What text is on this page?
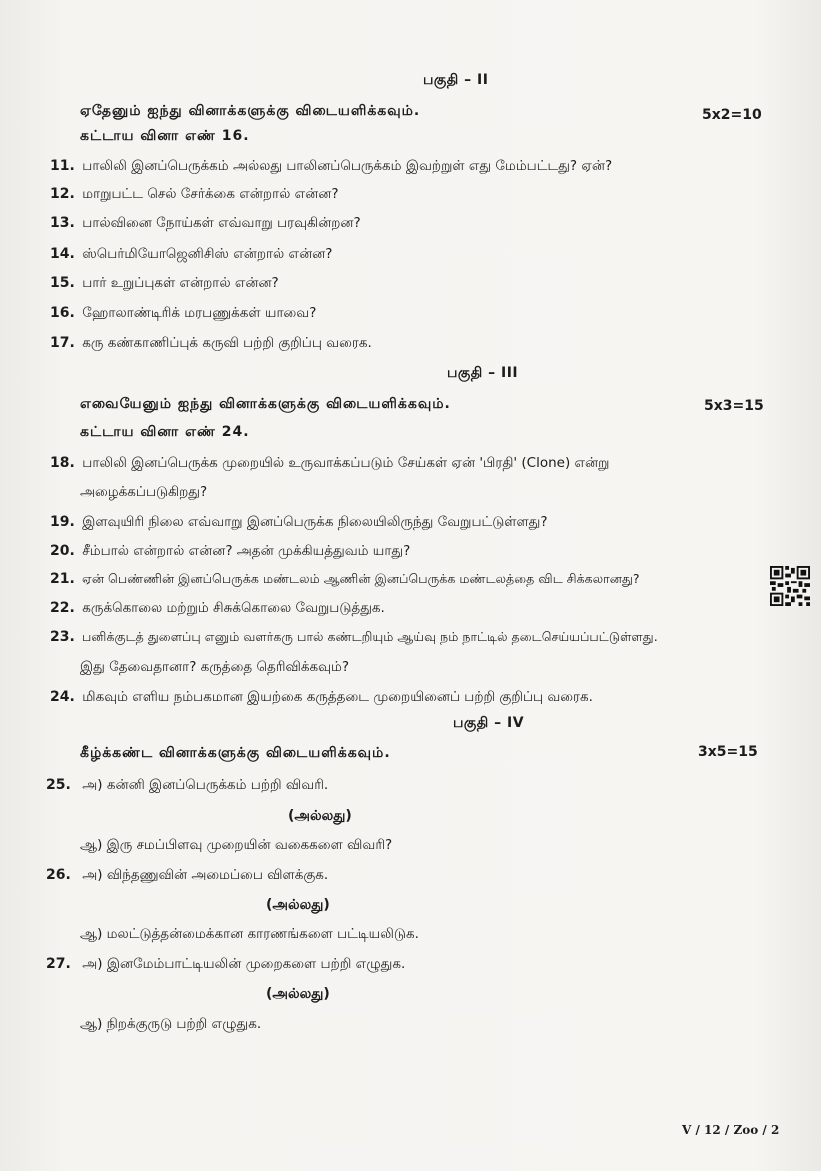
பகுதி – II
ஏதேனும் ஐந்து வினாக்களுக்கு விடையளிக்கவும்.	5x2=10
கட்டாய வினா எண் 16.
11. பாலிலி இனப்பெருக்கம் அல்லது பாலினப்பெருக்கம் இவற்றுள் எது மேம்பட்டது? ஏன்?
12. மாறுபட்ட செல் சேர்க்கை என்றால் என்ன?
13. பால்வினை நோய்கள் எவ்வாறு பரவுகின்றன?
14. ஸ்பெர்மியோஜெனிசிஸ் என்றால் என்ன?
15. பார் உறுப்புகள் என்றால் என்ன?
16. ஹோலாண்டிரிக் மரபணுக்கள் யாவை?
17. கரு கண்காணிப்புக் கருவி பற்றி குறிப்பு வரைக.
பகுதி – III
எவையேனும் ஐந்து வினாக்களுக்கு விடையளிக்கவும்.	5x3=15
கட்டாய வினா எண் 24.
18. பாலிலி இனப்பெருக்க முறையில் உருவாக்கப்படும் சேய்கள் ஏன் 'பிரதி' (Clone) என்று
அழைக்கப்படுகிறது?
19. இளவுயிரி நிலை எவ்வாறு இனப்பெருக்க நிலையிலிருந்து வேறுபட்டுள்ளது?
20. சீம்பால் என்றால் என்ன? அதன் முக்கியத்துவம் யாது?
21. ஏன் பெண்ணின் இனப்பெருக்க மண்டலம் ஆணின் இனப்பெருக்க மண்டலத்தை விட சிக்கலானது?
22. கருக்கொலை மற்றும் சிசுக்கொலை வேறுபடுத்துக.
23. பனிக்குடத் துளைப்பு எனும் வளர்கரு பால் கண்டறியும் ஆய்வு நம் நாட்டில் தடைசெய்யப்பட்டுள்ளது.
இது தேவைதானா? கருத்தை தெரிவிக்கவும்?
24. மிகவும் எளிய நம்பகமான இயற்கை கருத்தடை முறையினைப் பற்றி குறிப்பு வரைக.
பகுதி – IV
கீழ்க்கண்ட வினாக்களுக்கு விடையளிக்கவும்.	3x5=15
25. அ) கன்னி இனப்பெருக்கம் பற்றி விவரி.
(அல்லது)
ஆ) இரு சமப்பிளவு முறையின் வகைகளை விவரி?
26. அ) விந்தணுவின் அமைப்பை விளக்குக.
(அல்லது)
ஆ) மலட்டுத்தன்மைக்கான காரணங்களை பட்டியலிடுக.
27. அ) இனமேம்பாட்டியலின் முறைகளை பற்றி எழுதுக.
(அல்லது)
ஆ) நிறக்குருடு பற்றி எழுதுக.
V / 12 / Zoo / 2
